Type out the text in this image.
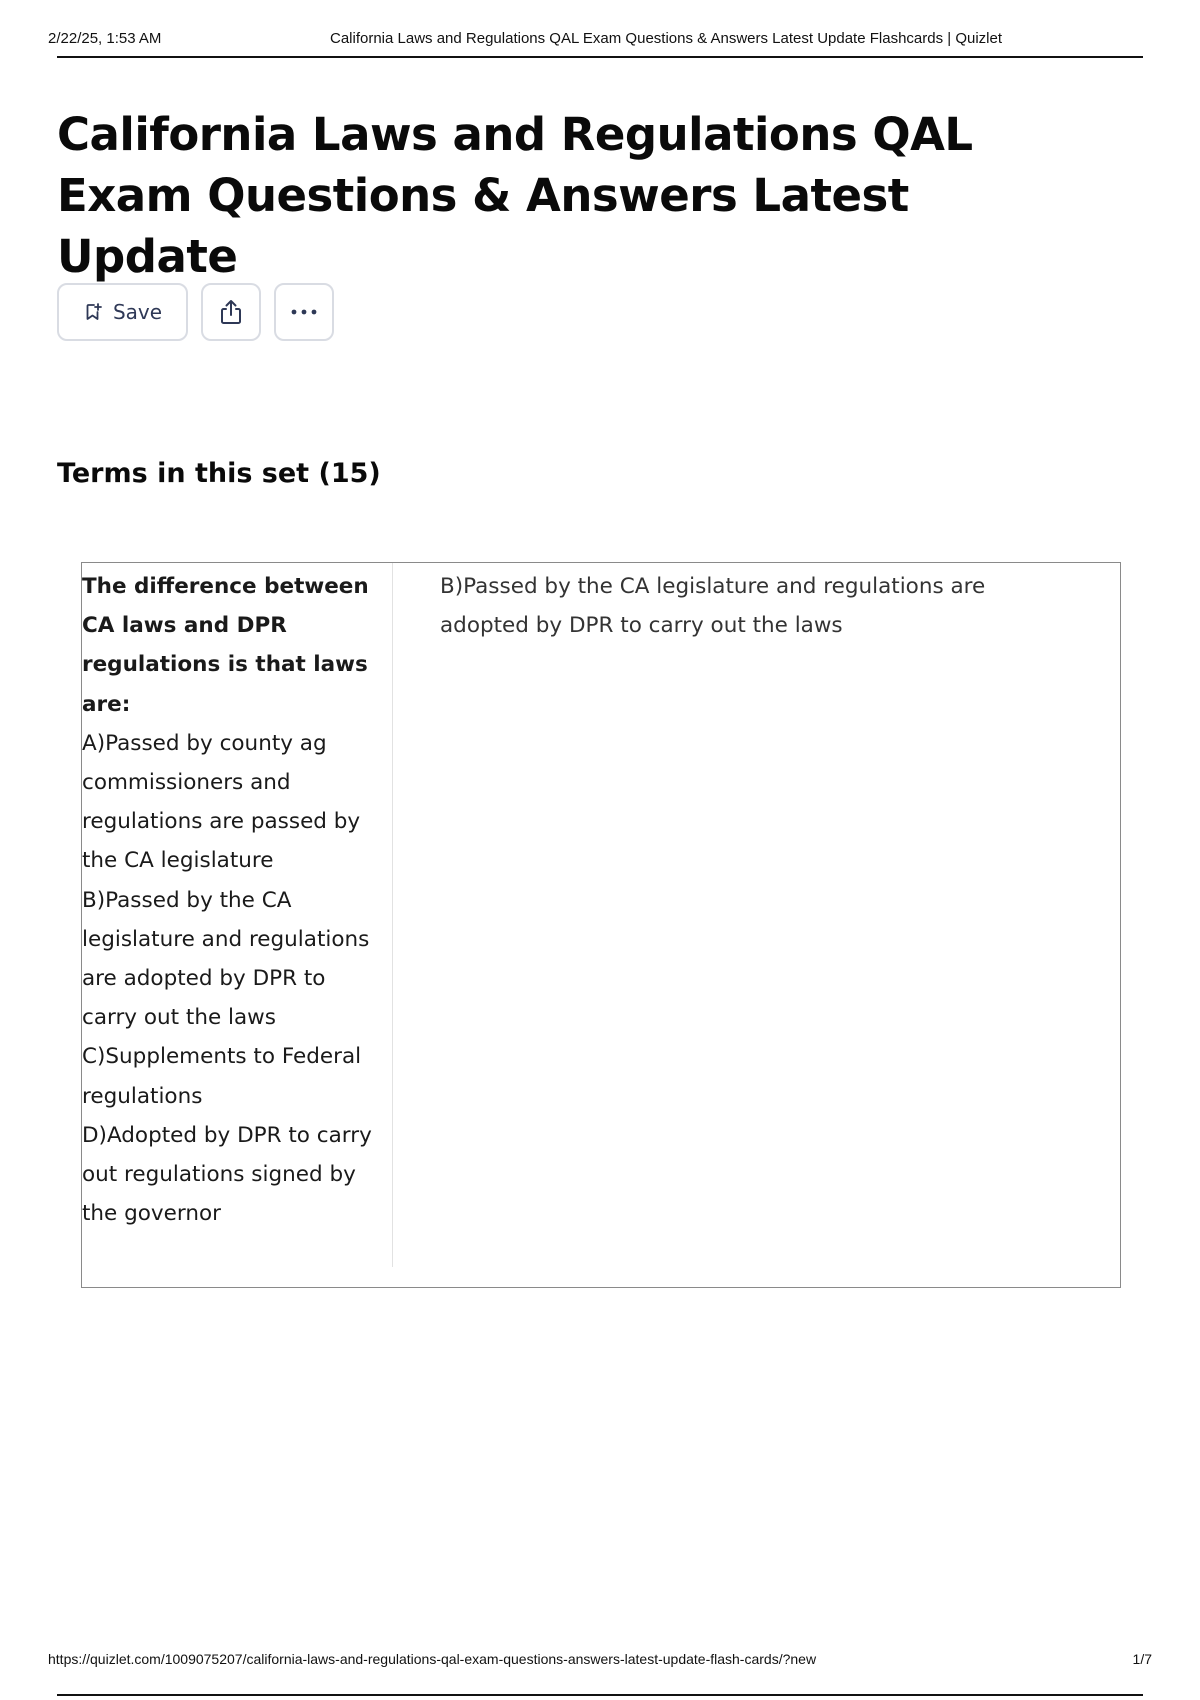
2/22/25, 1:53 AM	California Laws and Regulations QAL Exam Questions & Answers Latest Update Flashcards | Quizlet
California Laws and Regulations QAL Exam Questions & Answers Latest Update
Save
Terms in this set (15)
The difference between CA laws and DPR regulations is that laws are:
A)Passed by county ag commissioners and regulations are passed by the CA legislature
B)Passed by the CA legislature and regulations are adopted by DPR to carry out the laws
C)Supplements to Federal regulations
D)Adopted by DPR to carry out regulations signed by the governor
B)Passed by the CA legislature and regulations are adopted by DPR to carry out the laws
https://quizlet.com/1009075207/california-laws-and-regulations-qal-exam-questions-answers-latest-update-flash-cards/?new	1/7
